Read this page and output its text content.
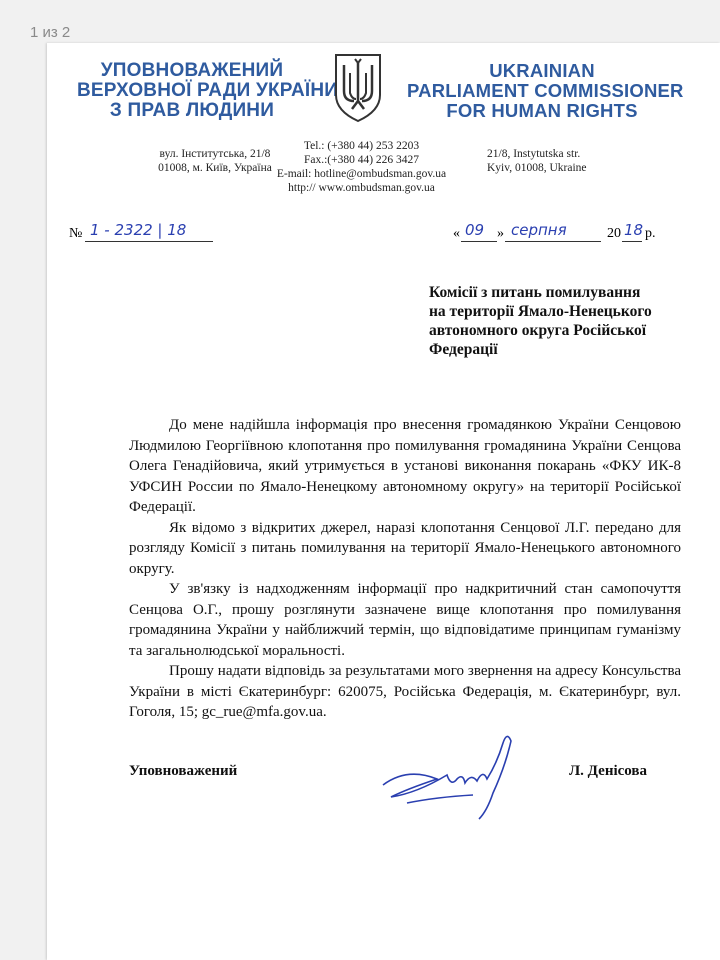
1 из 2
УПОВНОВАЖЕНИЙ
ВЕРХОВНОЇ РАДИ УКРАЇНИ
З ПРАВ ЛЮДИНИ
UKRAINIAN
PARLIAMENT COMMISSIONER
FOR HUMAN RIGHTS
вул. Інститутська, 21/8
01008, м. Київ, Україна
Tel.: (+380 44) 253 2203
Fax.:(+380 44) 226 3427
E-mail: hotline@ombudsman.gov.ua
http:// www.ombudsman.gov.ua
21/8, Instytutska str.
Kyiv, 01008, Ukraine
№ 1 - 2322 | 18	« 09 » серпня	20 18 р.
Комісії з питань помилування
на території Ямало-Ненецького
автономного округа Російської
Федерації

До мене надійшла інформація про внесення громадянкою України Сенцовою Людмилою Георгіївною клопотання про помилування громадянина України Сенцова Олега Генадійовича, який утримується в установі виконання покарань «ФКУ ИК-8 УФСИН России по Ямало-Ненецкому автономному округу» на території Російської Федерації.

Як відомо з відкритих джерел, наразі клопотання Сенцової Л.Г. передано для розгляду Комісії з питань помилування на території Ямало-Ненецького автономного округу.

У зв'язку із надходженням інформації про надкритичний стан самопочуття Сенцова О.Г., прошу розглянути зазначене вище клопотання про помилування громадянина України у найближчий термін, що відповідатиме принципам гуманізму та загальнолюдської моральності.

Прошу надати відповідь за результатами мого звернення на адресу Консульства України в місті Єкатеринбург: 620075, Російська Федерація, м. Єкатеринбург, вул. Гоголя, 15; gc_rue@mfa.gov.ua.

Уповноважений	Л. Денісова
